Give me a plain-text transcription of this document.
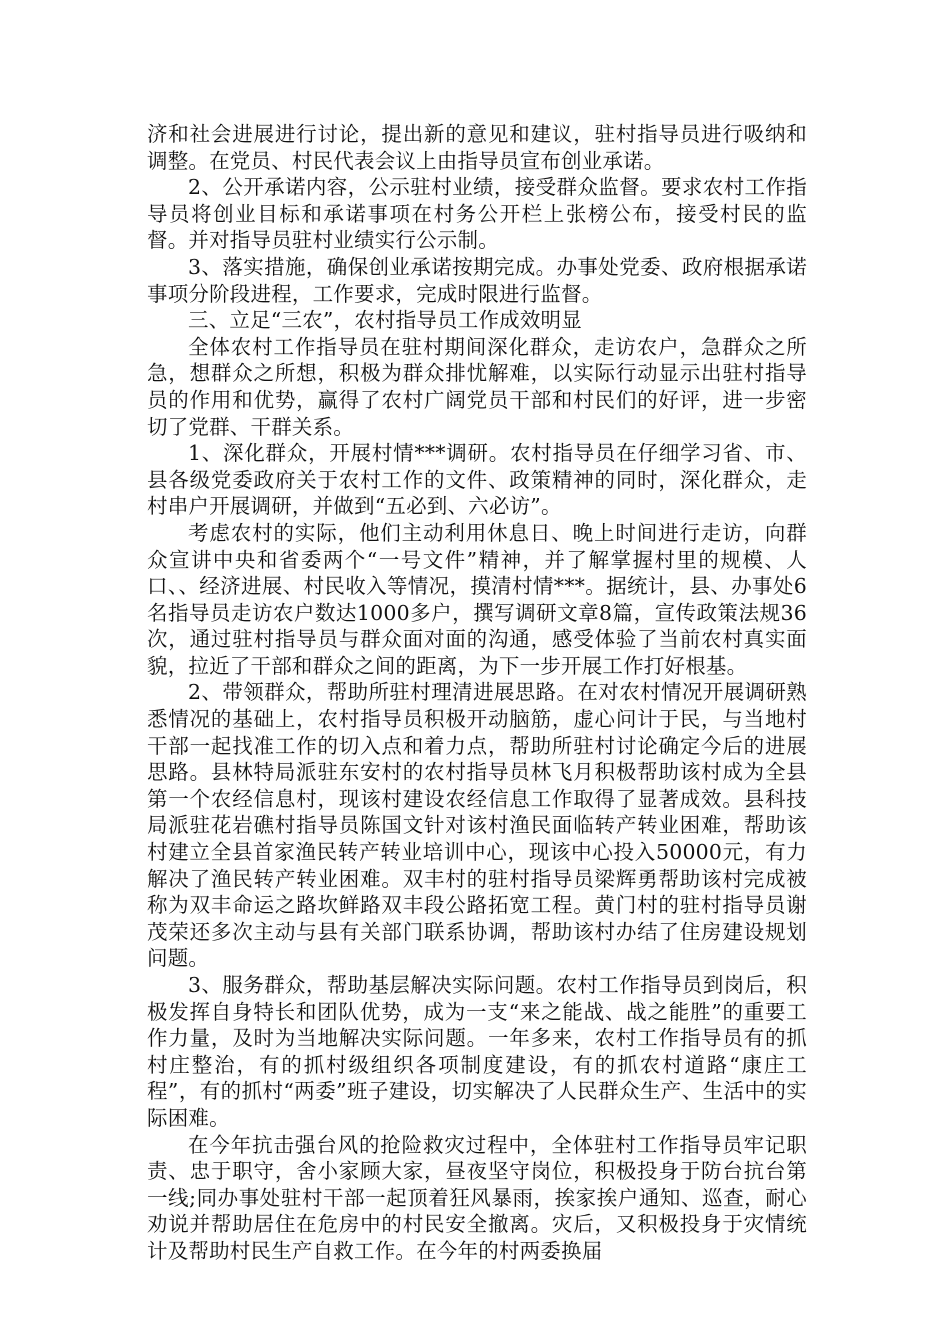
济和社会进展进行讨论，提出新的意见和建议，驻村指导员进行吸纳和调整。在党员、村民代表会议上由指导员宣布创业承诺。

2、公开承诺内容，公示驻村业绩，接受群众监督。要求农村工作指导员将创业目标和承诺事项在村务公开栏上张榜公布，接受村民的监督。并对指导员驻村业绩实行公示制。

3、落实措施，确保创业承诺按期完成。办事处党委、政府根据承诺事项分阶段进程，工作要求，完成时限进行监督。

三、立足“三农”，农村指导员工作成效明显

全体农村工作指导员在驻村期间深化群众，走访农户，急群众之所急，想群众之所想，积极为群众排忧解难，以实际行动显示出驻村指导员的作用和优势，赢得了农村广阔党员干部和村民们的好评，进一步密切了党群、干群关系。

1、深化群众，开展村情***调研。农村指导员在仔细学习省、市、县各级党委政府关于农村工作的文件、政策精神的同时，深化群众，走村串户开展调研，并做到“五必到、六必访”。

考虑农村的实际，他们主动利用休息日、晚上时间进行走访，向群众宣讲中央和省委两个“一号文件”精神，并了解掌握村里的规模、人口、、经济进展、村民收入等情况，摸清村情***。据统计，县、办事处6名指导员走访农户数达1000多户，撰写调研文章8篇，宣传政策法规36次，通过驻村指导员与群众面对面的沟通，感受体验了当前农村真实面貌，拉近了干部和群众之间的距离，为下一步开展工作打好根基。

2、带领群众，帮助所驻村理清进展思路。在对农村情况开展调研熟悉情况的基础上，农村指导员积极开动脑筋，虚心问计于民，与当地村干部一起找准工作的切入点和着力点，帮助所驻村讨论确定今后的进展思路。县林特局派驻东安村的农村指导员林飞月积极帮助该村成为全县第一个农经信息村，现该村建设农经信息工作取得了显著成效。县科技局派驻花岩礁村指导员陈国文针对该村渔民面临转产转业困难，帮助该村建立全县首家渔民转产转业培训中心，现该中心投入50000元，有力解决了渔民转产转业困难。双丰村的驻村指导员梁辉勇帮助该村完成被称为双丰命运之路坎鲜路双丰段公路拓宽工程。黄门村的驻村指导员谢茂荣还多次主动与县有关部门联系协调，帮助该村办结了住房建设规划问题。

3、服务群众，帮助基层解决实际问题。农村工作指导员到岗后，积极发挥自身特长和团队优势，成为一支“来之能战、战之能胜”的重要工作力量，及时为当地解决实际问题。一年多来，农村工作指导员有的抓村庄整治，有的抓村级组织各项制度建设，有的抓农村道路“康庄工程”，有的抓村“两委”班子建设，切实解决了人民群众生产、生活中的实际困难。

在今年抗击强台风的抢险救灾过程中，全体驻村工作指导员牢记职责、忠于职守，舍小家顾大家，昼夜坚守岗位，积极投身于防台抗台第一线;同办事处驻村干部一起顶着狂风暴雨，挨家挨户通知、巡查，耐心劝说并帮助居住在危房中的村民安全撤离。灾后，又积极投身于灾情统计及帮助村民生产自救工作。在今年的村两委换届
